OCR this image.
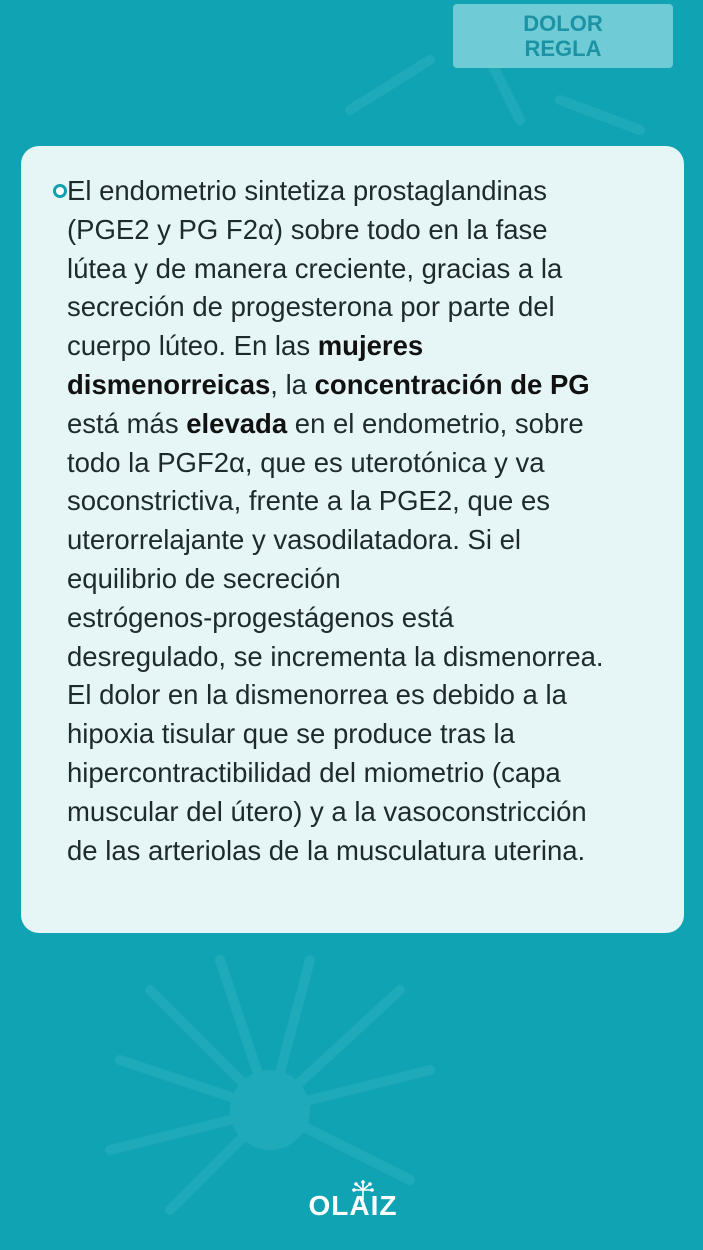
DOLOR
REGLA
El endometrio sintetiza prostaglandinas
(PGE2 y PG F2α) sobre todo en la fase
lútea y de manera creciente, gracias a la
secreción de progesterona por parte del
cuerpo lúteo. En las mujeres
dismenorreicas, la concentración de PG
está más elevada en el endometrio, sobre
todo la PGF2α, que es uterotónica y va
soconstrictiva, frente a la PGE2, que es
uterorrelajante y vasodilatadora. Si el
equilibrio de secreción
estrógenos-progestágenos está
desregulado, se incrementa la dismenorrea.
El dolor en la dismenorrea es debido a la
hipoxia tisular que se produce tras la
hipercontractibilidad del miometrio (capa
muscular del útero) y a la vasoconstricción
de las arteriolas de la musculatura uterina.
OLAIZ
